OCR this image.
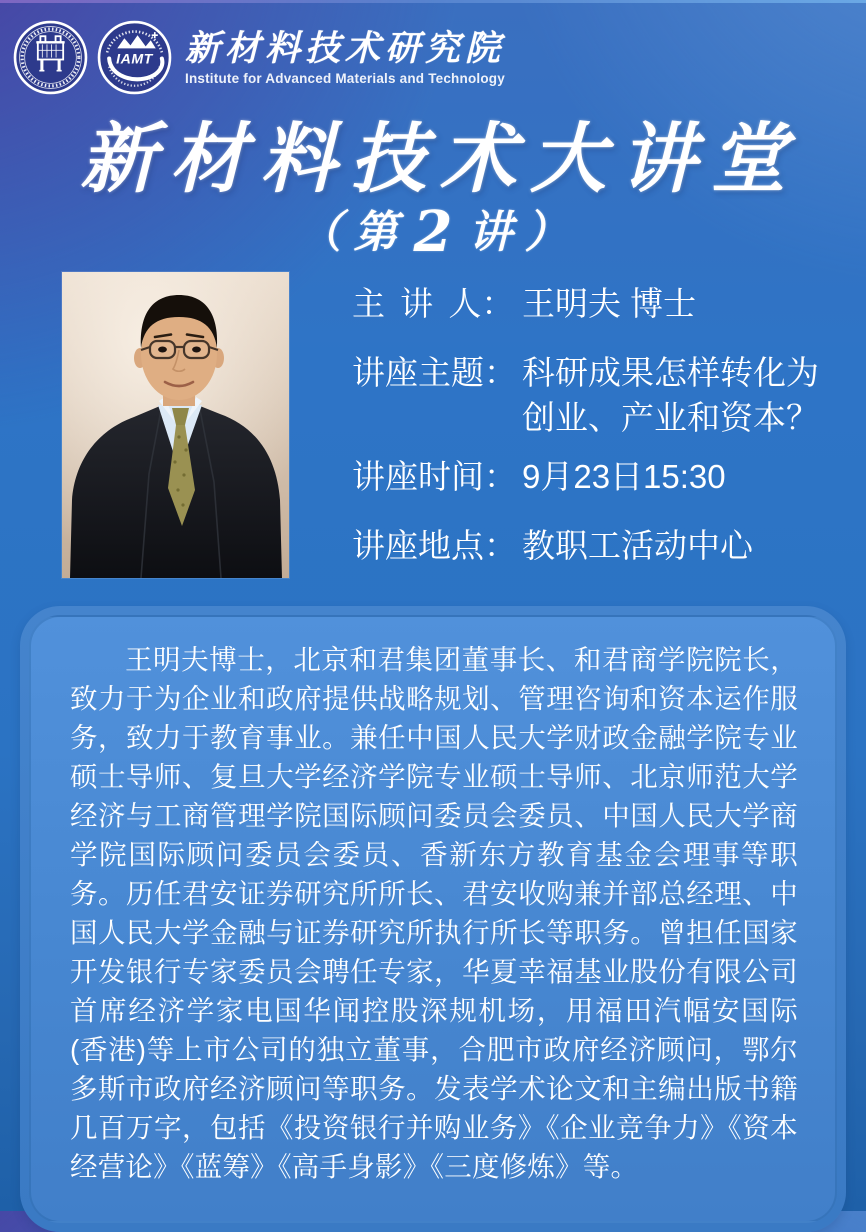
IAMT 新材料技术研究院
Institute for Advanced Materials and Technology
新材料技术大讲堂
（第2讲）
主 讲 人： 王明夫 博士
讲座主题： 科研成果怎样转化为创业、产业和资本？
讲座时间： 9月23日15:30
讲座地点： 教职工活动中心

王明夫博士，北京和君集团董事长、和君商学院院长，致力于为企业和政府提供战略规划、管理咨询和资本运作服务，致力于教育事业。兼任中国人民大学财政金融学院专业硕士导师、复旦大学经济学院专业硕士导师、北京师范大学经济与工商管理学院国际顾问委员会委员、中国人民大学商学院国际顾问委员会委员、香新东方教育基金会理事等职务。历任君安证券研究所所长、君安收购兼并部总经理、中国人民大学金融与证券研究所执行所长等职务。曾担任国家开发银行专家委员会聘任专家，华夏幸福基业股份有限公司首席经济学家电国华闻控股深规机场，用福田汽幅安国际(香港)等上市公司的独立董事，合肥市政府经济顾问，鄂尔多斯市政府经济顾问等职务。发表学术论文和主编出版书籍几百万字，包括《投资银行并购业务》《企业竞争力》《资本经营论》《蓝筹》《高手身影》《三度修炼》等。
